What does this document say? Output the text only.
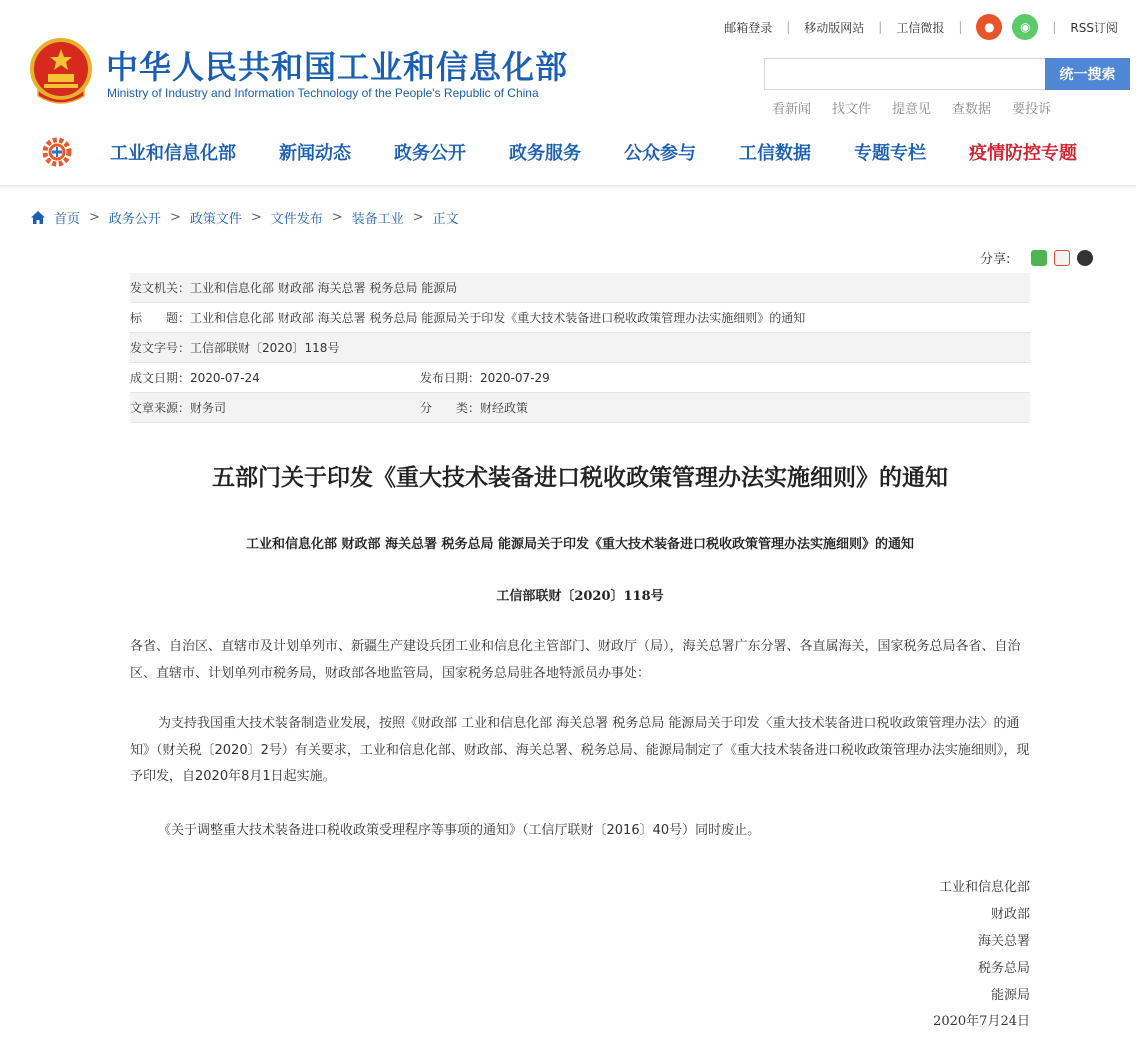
中华人民共和国工业和信息化部
Ministry of Industry and Information Technology of the People's Republic of China
邮箱登录 | 移动版网站 | 工信微报 |	●	◉	| RSS订阅
统一搜索
看新闻 找文件 提意见 查数据 要投诉
工业和信息化部 新闻动态 政务公开 政务服务 公众参与 工信数据 专题专栏 疫情防控专题
首页 > 政务公开 > 政策文件 > 文件发布 > 装备工业 > 正文
分享:
发文机关：工业和信息化部 财政部 海关总署 税务总局 能源局
标　　题：工业和信息化部 财政部 海关总署 税务总局 能源局关于印发《重大技术装备进口税收政策管理办法实施细则》的通知
发文字号：工信部联财〔2020〕118号
成文日期：2020-07-24	发布日期：2020-07-29
文章来源：财务司	分　　类：财经政策
五部门关于印发《重大技术装备进口税收政策管理办法实施细则》的通知
工业和信息化部 财政部 海关总署 税务总局 能源局关于印发《重大技术装备进口税收政策管理办法实施细则》的通知
工信部联财〔2020〕118号
各省、自治区、直辖市及计划单列市、新疆生产建设兵团工业和信息化主管部门、财政厅（局），海关总署广东分署、各直属海关，国家税务总局各省、自治区、直辖市、计划单列市税务局，财政部各地监管局，国家税务总局驻各地特派员办事处：
为支持我国重大技术装备制造业发展，按照《财政部 工业和信息化部 海关总署 税务总局 能源局关于印发〈重大技术装备进口税收政策管理办法〉的通知》（财关税〔2020〕2号）有关要求，工业和信息化部、财政部、海关总署、税务总局、能源局制定了《重大技术装备进口税收政策管理办法实施细则》，现予印发，自2020年8月1日起实施。
《关于调整重大技术装备进口税收政策受理程序等事项的通知》（工信厅联财〔2016〕40号）同时废止。
工业和信息化部
财政部
海关总署
税务总局
能源局
2020年7月24日
